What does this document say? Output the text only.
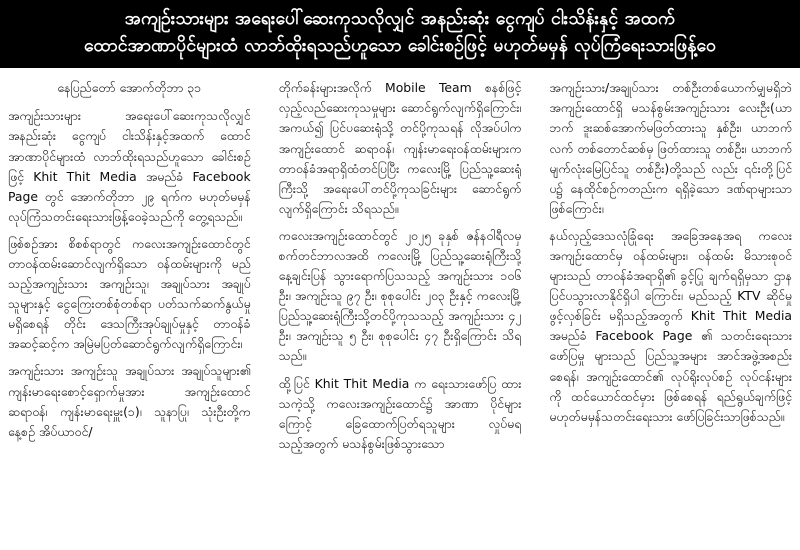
အကျဉ်းသားများ အရေးပေါ်ဆေးကုသလိုလျှင် အနည်းဆုံး ငွေကျပ် ငါးသိန်းနှင့် အထက်
ထောင်အာဏာပိုင်များထံ လာဘ်ထိုးရသည်ဟူသော ခေါင်းစဉ်ဖြင့် မဟုတ်မမှန် လုပ်ကြံရေးသားဖြန့်ဝေ

နေပြည်တော် အောက်တိုဘာ ၃၁

အကျဉ်းသားများ အရေးပေါ်ဆေးကုသလိုလျှင် အနည်းဆုံး ငွေကျပ် ငါးသိန်းနှင့်အထက် ထောင်အာဏာပိုင်များထံ လာဘ်ထိုးရသည်ဟူသော ခေါင်းစဉ်ဖြင့် Khit Thit Media အမည်ခံ Facebook Page တွင် အောက်တိုဘာ ၂၉ ရက်က မဟုတ်မမှန်လုပ်ကြံသတင်းရေးသားဖြန့်ဝေခဲ့သည်ကို တွေ့ရသည်။

ဖြစ်စဉ်အား စိစစ်ရာတွင် ကလေးအကျဉ်းထောင်တွင် တာဝန်ထမ်းဆောင်လျက်ရှိသော ဝန်ထမ်းများကို မည်သည့်အကျဉ်းသား အကျဉ်းသူ၊ အချုပ်သား အချုပ်သူများနှင့် ငွေကြေးတစ်စုံတစ်ရာ ပတ်သက်ဆက်နွယ်မှုမရှိစေရန် တိုင်း ဒေသကြီးအုပ်ချုပ်မှုနှင့် တာဝန်ခံအဆင့်ဆင့်က အမြဲမပြတ်ဆောင်ရွက်လျက်ရှိကြောင်း၊

အကျဉ်းသား အကျဉ်းသူ အချုပ်သား အချုပ်သူများ၏ ကျန်းမာရေးစောင့်ရှောက်မှုအား အကျဉ်းထောင် ဆရာဝန်၊ ကျန်းမာရေးမှူး(၁)၊ သူနာပြု၊ သုံးဦးတို့က နေ့စဉ် အိပ်ယာဝင်/

တိုက်ခန်းများအလိုက် Mobile Team စနစ်ဖြင့် လှည့်လည်ဆေးကုသမှုများ ဆောင်ရွက်လျက်ရှိကြောင်း၊ အကယ်၍ ပြင်ပဆေးရုံသို့ တင်ပို့ကုသရန် လိုအပ်ပါက အကျဉ်းထောင် ဆရာဝန်၊ ကျန်းမာရေးဝန်ထမ်းများက တာဝန်ခံအရာရှိထံတင်ပြပြီး ကလေးမြို့ ပြည်သူ့ဆေးရုံ ကြီးသို့ အရေးပေါ်တင်ပို့ကုသခြင်းများ ဆောင်ရွက်လျက်ရှိကြောင်း သိရသည်။

ကလေးအကျဉ်းထောင်တွင် ၂၀၂၅ ခုနှစ် ဇန်နဝါရီလမှ စက်တင်ဘာလအထိ ကလေးမြို့ ပြည်သူ့ဆေးရုံကြီးသို့ နေ့ချင်းပြန် သွားရောက်ပြသသည့် အကျဉ်းသား ၁၀၆ ဦး၊ အကျဉ်းသူ ၉၇ ဦး၊ စုစုပေါင်း ၂၀၃ ဦးနှင့် ကလေးမြို့ ပြည်သူ့ဆေးရုံကြီးသို့တင်ပို့ကုသသည့် အကျဉ်းသား ၄၂ ဦး၊ အကျဉ်းသူ ၅ ဦး၊ စုစုပေါင်း ၄၇ ဦးရှိကြောင်း သိရသည်။

ထို့ပြင် Khit Thit Media က ရေးသားဖော်ပြ ထားသကဲ့သို့ ကလေးအကျဉ်းထောင်၌ အာဏာ ပိုင်များကြောင့် ခြေထောက်ပြတ်ရသူများ လှုပ်မရသည့်အတွက် မသန်စွမ်းဖြစ်သွားသော

အကျဉ်းသား/အချုပ်သား တစ်ဦးတစ်ယောက်မျှမရှိဘဲ အကျဉ်းထောင်ရှိ မသန်စွမ်းအကျဉ်းသား လေးဦး(ယာဘက် ဒူးဆစ်အောက်မဖြတ်ထားသူ နှစ်ဦး၊ ယာဘက်လက် တစ်တောင်ဆစ်မှ ဖြတ်ထားသူ တစ်ဦး၊ ယာဘက် မျက်လုံးမြေပြင်သူ တစ်ဦး)တို့သည် လည်း ၎င်းတို့ပြင်ပ၌ နေထိုင်စဉ်ကတည်းက ရရှိခဲ့သော ဒဏ်ရာများသာဖြစ်ကြောင်း၊

နယ်လှည့်ဒေသလုံခြုံရေး အခြေအနေအရ ကလေးအကျဉ်းထောင်မှ ဝန်ထမ်းများ၊ ဝန်ထမ်း မိသားစုဝင်များသည် တာဝန်ခံအရာရှိ၏ ခွင့်ပြု ချက်ရရှိမှသာ ဌာနပြင်ပသွားလာနိုင်ရှိပါ ကြောင်း၊ မည်သည့် KTV ဆိုင်မှု ဖွင့်လှစ်ခြင်း မရှိသည့်အတွက် Khit Thit Media အမည်ခံ Facebook Page ၏ သတင်းရေးသား ဖော်ပြမှု များသည် ပြည်သူ့အများ အာင်အဖွဲ့အစည်း စေရန်၊ အကျဉ်းထောင်၏ လုပ်ရိုးလုပ်စဉ် လုပ်ငန်းများကို ထင်ယောင်ထင်မှား ဖြစ်စေရန် ရည်ရွယ်ချက်ဖြင့် မဟုတ်မမှန်သတင်းရေးသား ဖော်ပြခြင်းသာဖြစ်သည်။
